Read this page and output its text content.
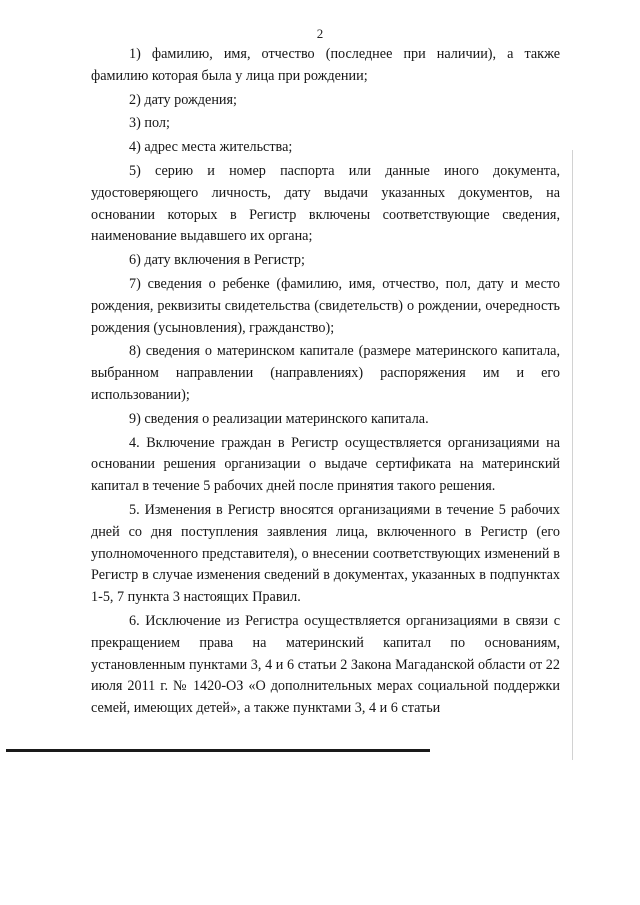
2

1) фамилию, имя, отчество (последнее при наличии), а также фамилию которая была у лица при рождении;

2) дату рождения;

3) пол;

4) адрес места жительства;

5) серию и номер паспорта или данные иного документа, удостоверяющего личность, дату выдачи указанных документов, на основании которых в Регистр включены соответствующие сведения, наименование выдавшего их органа;

6) дату включения в Регистр;

7) сведения о ребенке (фамилию, имя, отчество, пол, дату и место рождения, реквизиты свидетельства (свидетельств) о рождении, очередность рождения (усыновления), гражданство);

8) сведения о материнском капитале (размере материнского капитала, выбранном направлении (направлениях) распоряжения им и его использовании);

9) сведения о реализации материнского капитала.

4. Включение граждан в Регистр осуществляется организациями на основании решения организации о выдаче сертификата на материнский капитал в течение 5 рабочих дней после принятия такого решения.

5. Изменения в Регистр вносятся организациями в течение 5 рабочих дней со дня поступления заявления лица, включенного в Регистр (его уполномоченного представителя), о внесении соответствующих изменений в Регистр в случае изменения сведений в документах, указанных в подпунктах 1-5, 7 пункта 3 настоящих Правил.

6. Исключение из Регистра осуществляется организациями в связи с прекращением права на материнский капитал по основаниям, установленным пунктами 3, 4 и 6 статьи 2 Закона Магаданской области от 22 июля 2011 г. № 1420-ОЗ «О дополнительных мерах социальной поддержки семей, имеющих детей», а также пунктами 3, 4 и 6 статьи
